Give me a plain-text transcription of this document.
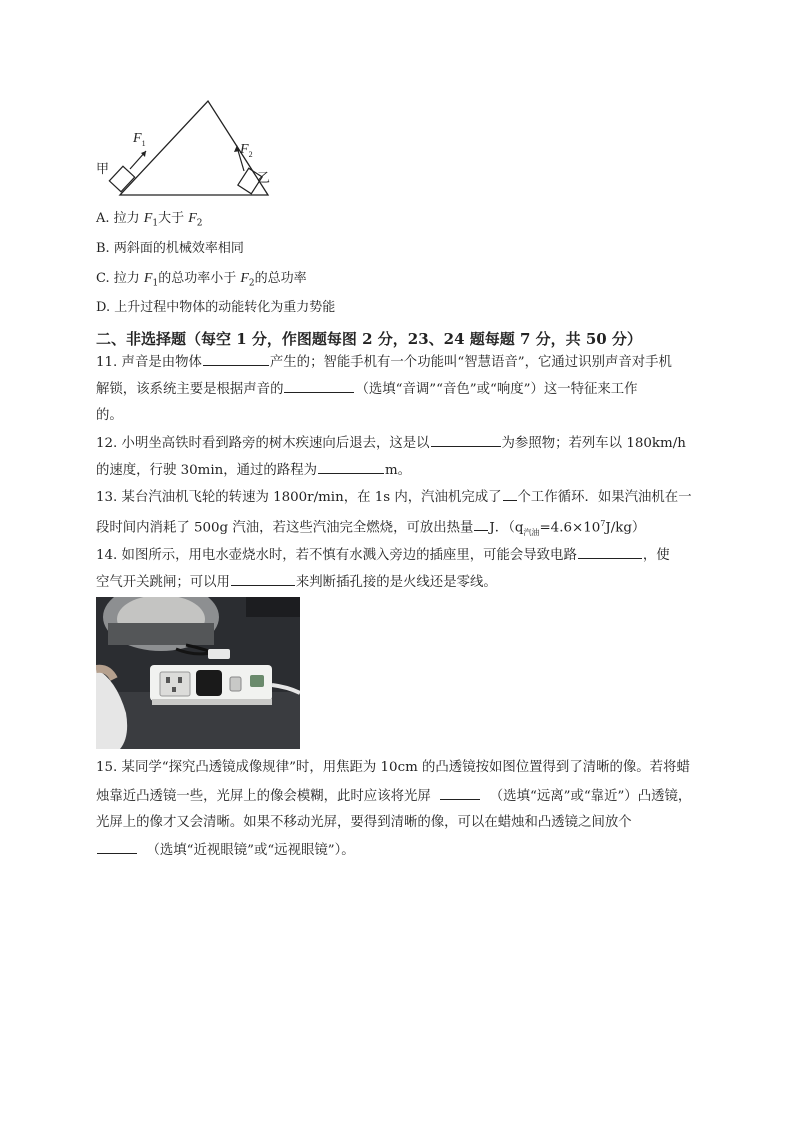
甲
乙
$F_1$	$F_2$
A. 拉力 $F_1$大于 $F_2$
B. 两斜面的机械效率相同
C. 拉力 $F_1$的总功率小于 $F_2$的总功率
D. 上升过程中物体的动能转化为重力势能
二、非选择题（每空 1 分，作图题每图 2 分，23、24 题每题 7 分，共 50 分）
11. 声音是由物体	产生的；智能手机有一个功能叫“智慧语音”，它通过识别声音对手机
解锁，该系统主要是根据声音的	（选填“音调”“音色”或“响度”）这一特征来工作
的。
12. 小明坐高铁时看到路旁的树木疾速向后退去，这是以	为参照物；若列车以 180km/h
的速度，行驶 30min，通过的路程为	m。
13. 某台汽油机飞轮的转速为 1800r/min，在 1s 内，汽油机完成了 个工作循环．如果汽油机在一
段时间内消耗了 500g 汽油，若这些汽油完全燃烧，可放出热量 J．$(q_{汽油}=4.6\times 10^7J/kg)$
14. 如图所示，用电水壶烧水时，若不慎有水溅入旁边的插座里，可能会导致电路	，使
空气开关跳闸；可以用	来判断插孔接的是火线还是零线。
15. 某同学“探究凸透镜成像规律”时，用焦距为 10cm 的凸透镜按如图位置得到了清晰的像。若将蜡
烛靠近凸透镜一些，光屏上的像会模糊，此时应该将光屏	（选填“远离”或“靠近”）凸透镜，
光屏上的像才又会清晰。如果不移动光屏，要得到清晰的像，可以在蜡烛和凸透镜之间放个
（选填“近视眼镜”或“远视眼镜”）。
